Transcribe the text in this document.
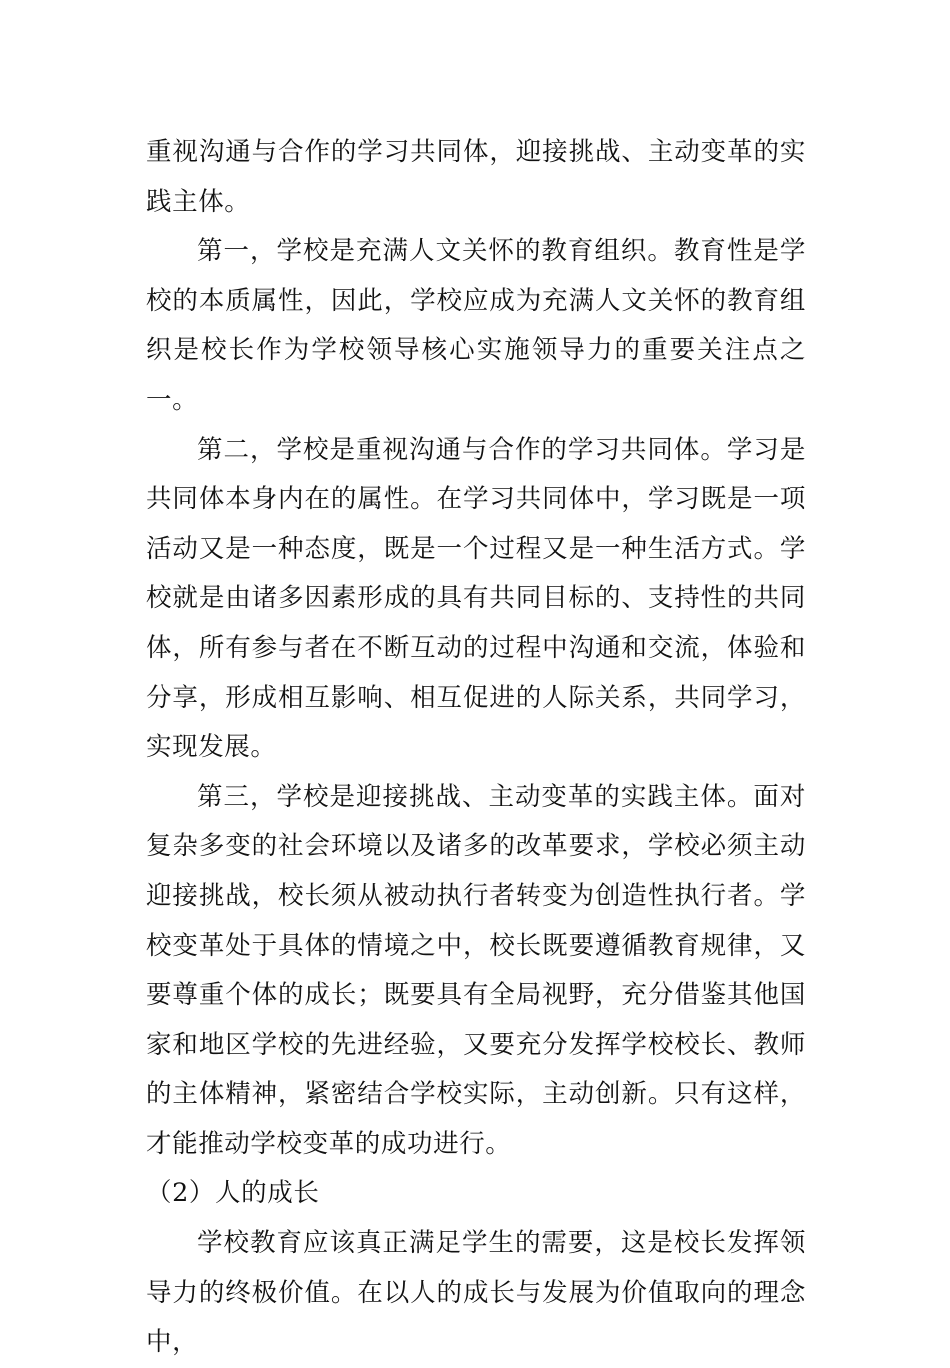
重视沟通与合作的学习共同体，迎接挑战、主动变革的实践主体。

第一，学校是充满人文关怀的教育组织。教育性是学校的本质属性，因此，学校应成为充满人文关怀的教育组织是校长作为学校领导核心实施领导力的重要关注点之一。

第二，学校是重视沟通与合作的学习共同体。学习是共同体本身内在的属性。在学习共同体中，学习既是一项活动又是一种态度，既是一个过程又是一种生活方式。学校就是由诸多因素形成的具有共同目标的、支持性的共同体，所有参与者在不断互动的过程中沟通和交流，体验和分享，形成相互影响、相互促进的人际关系，共同学习，实现发展。

第三，学校是迎接挑战、主动变革的实践主体。面对复杂多变的社会环境以及诸多的改革要求，学校必须主动迎接挑战，校长须从被动执行者转变为创造性执行者。学校变革处于具体的情境之中，校长既要遵循教育规律，又要尊重个体的成长；既要具有全局视野，充分借鉴其他国家和地区学校的先进经验，又要充分发挥学校校长、教师的主体精神，紧密结合学校实际，主动创新。只有这样，才能推动学校变革的成功进行。

（2）人的成长

学校教育应该真正满足学生的需要，这是校长发挥领导力的终极价值。在以人的成长与发展为价值取向的理念中，
